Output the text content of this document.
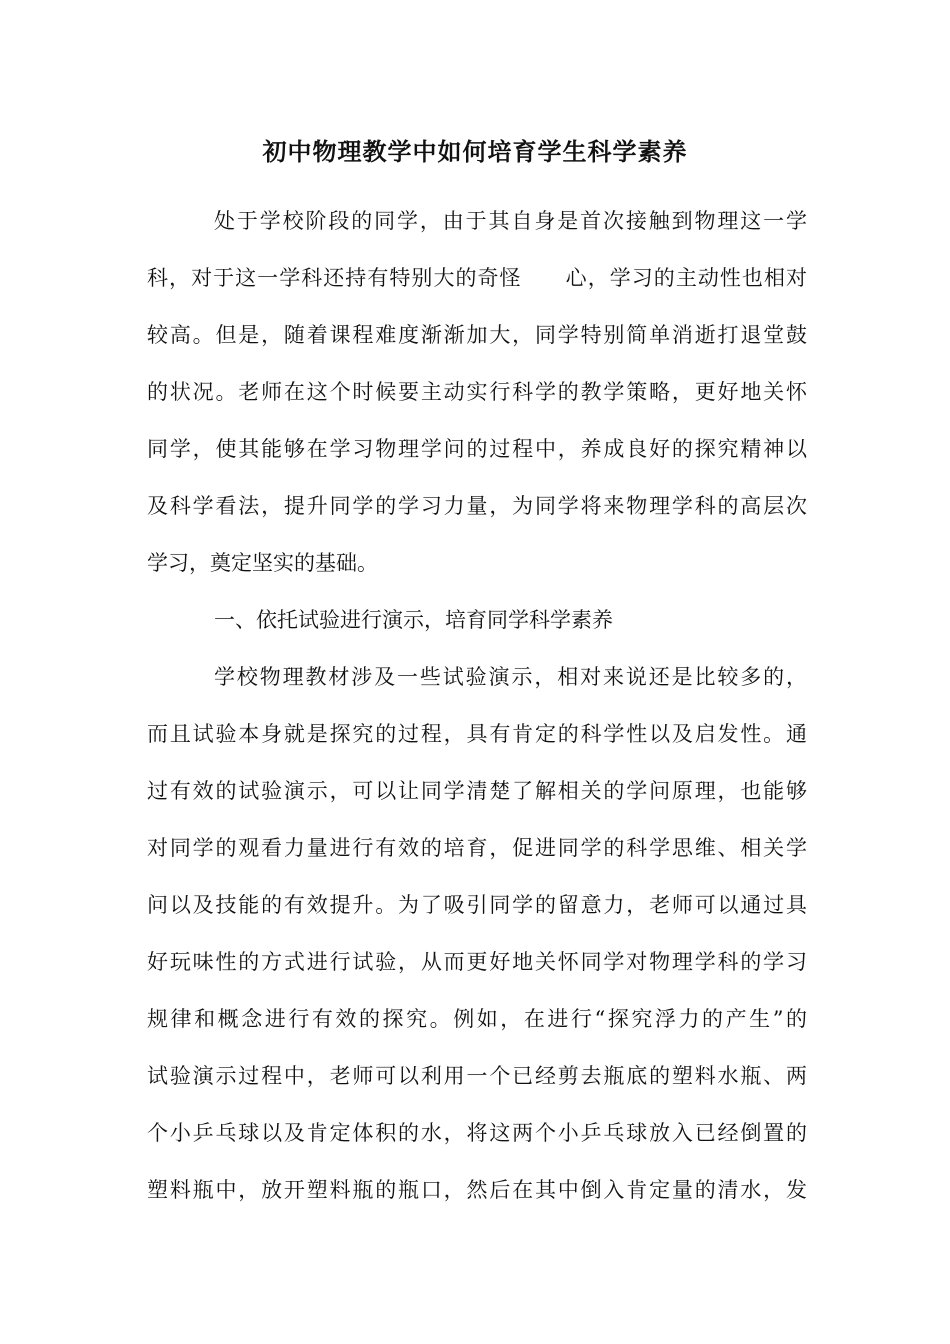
初中物理教学中如何培育学生科学素养
处于学校阶段的同学，由于其自身是首次接触到物理这一学
科，对于这一学科还持有特别大的奇怪　　心，学习的主动性也相对
较高。但是，随着课程难度渐渐加大，同学特别简单消逝打退堂鼓
的状况。老师在这个时候要主动实行科学的教学策略，更好地关怀
同学，使其能够在学习物理学问的过程中，养成良好的探究精神以
及科学看法，提升同学的学习力量，为同学将来物理学科的高层次
学习，奠定坚实的基础。
一、依托试验进行演示，培育同学科学素养
学校物理教材涉及一些试验演示，相对来说还是比较多的，
而且试验本身就是探究的过程，具有肯定的科学性以及启发性。通
过有效的试验演示，可以让同学清楚了解相关的学问原理，也能够
对同学的观看力量进行有效的培育，促进同学的科学思维、相关学
问以及技能的有效提升。为了吸引同学的留意力，老师可以通过具
好玩味性的方式进行试验，从而更好地关怀同学对物理学科的学习
规律和概念进行有效的探究。例如，在进行“探究浮力的产生”的
试验演示过程中，老师可以利用一个已经剪去瓶底的塑料水瓶、两
个小乒乓球以及肯定体积的水，将这两个小乒乓球放入已经倒置的
塑料瓶中，放开塑料瓶的瓶口，然后在其中倒入肯定量的清水，发
